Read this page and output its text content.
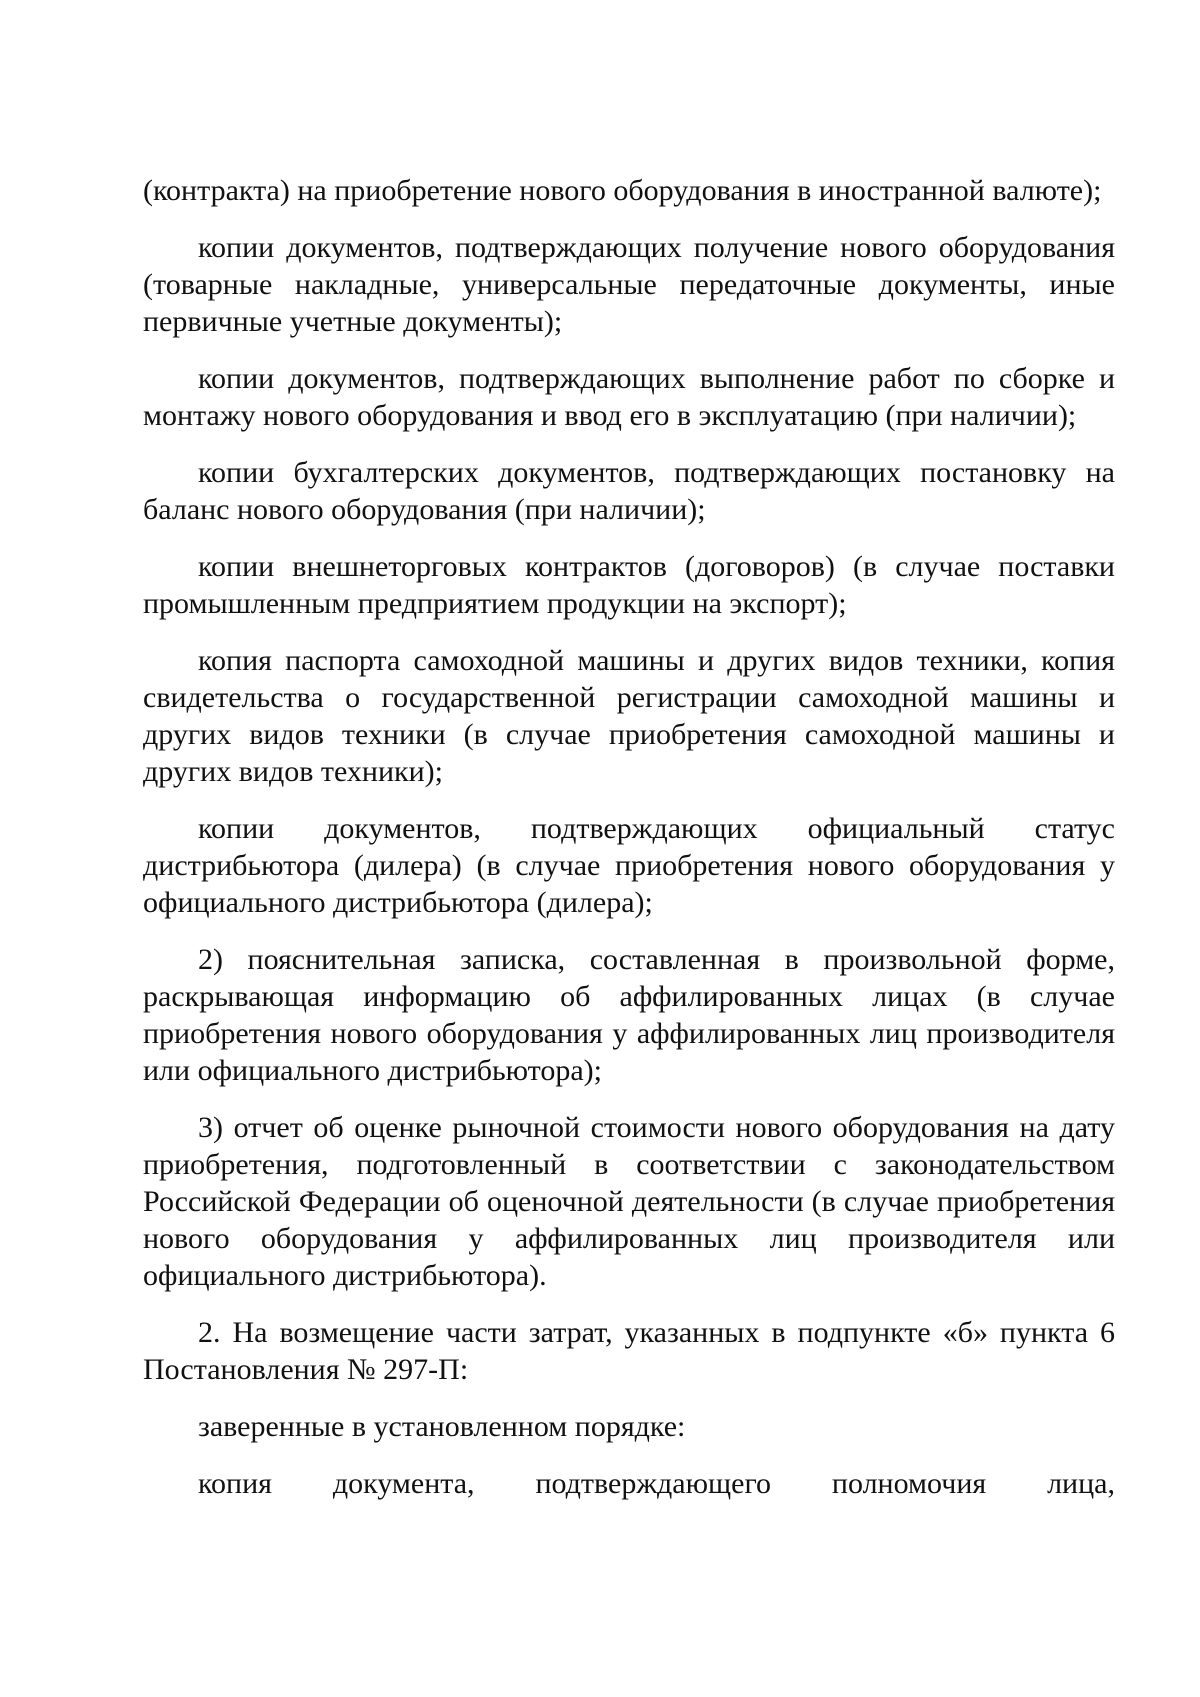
(контракта) на приобретение нового оборудования в иностранной валюте);

копии документов, подтверждающих получение нового оборудования (товарные накладные, универсальные передаточные документы, иные первичные учетные документы);

копии документов, подтверждающих выполнение работ по сборке и монтажу нового оборудования и ввод его в эксплуатацию (при наличии);

копии бухгалтерских документов, подтверждающих постановку на баланс нового оборудования (при наличии);

копии внешнеторговых контрактов (договоров) (в случае поставки промышленным предприятием продукции на экспорт);

копия паспорта самоходной машины и других видов техники, копия свидетельства о государственной регистрации самоходной машины и других видов техники (в случае приобретения самоходной машины и других видов техники);

копии документов, подтверждающих официальный статус дистрибьютора (дилера) (в случае приобретения нового оборудования у официального дистрибьютора (дилера);

2) пояснительная записка, составленная в произвольной форме, раскрывающая информацию об аффилированных лицах (в случае приобретения нового оборудования у аффилированных лиц производителя или официального дистрибьютора);

3) отчет об оценке рыночной стоимости нового оборудования на дату приобретения, подготовленный в соответствии с законодательством Российской Федерации об оценочной деятельности (в случае приобретения нового оборудования у аффилированных лиц производителя или официального дистрибьютора).

2. На возмещение части затрат, указанных в подпункте «б» пункта 6 Постановления № 297-П:

заверенные в установленном порядке:

копия документа, подтверждающего полномочия лица,
